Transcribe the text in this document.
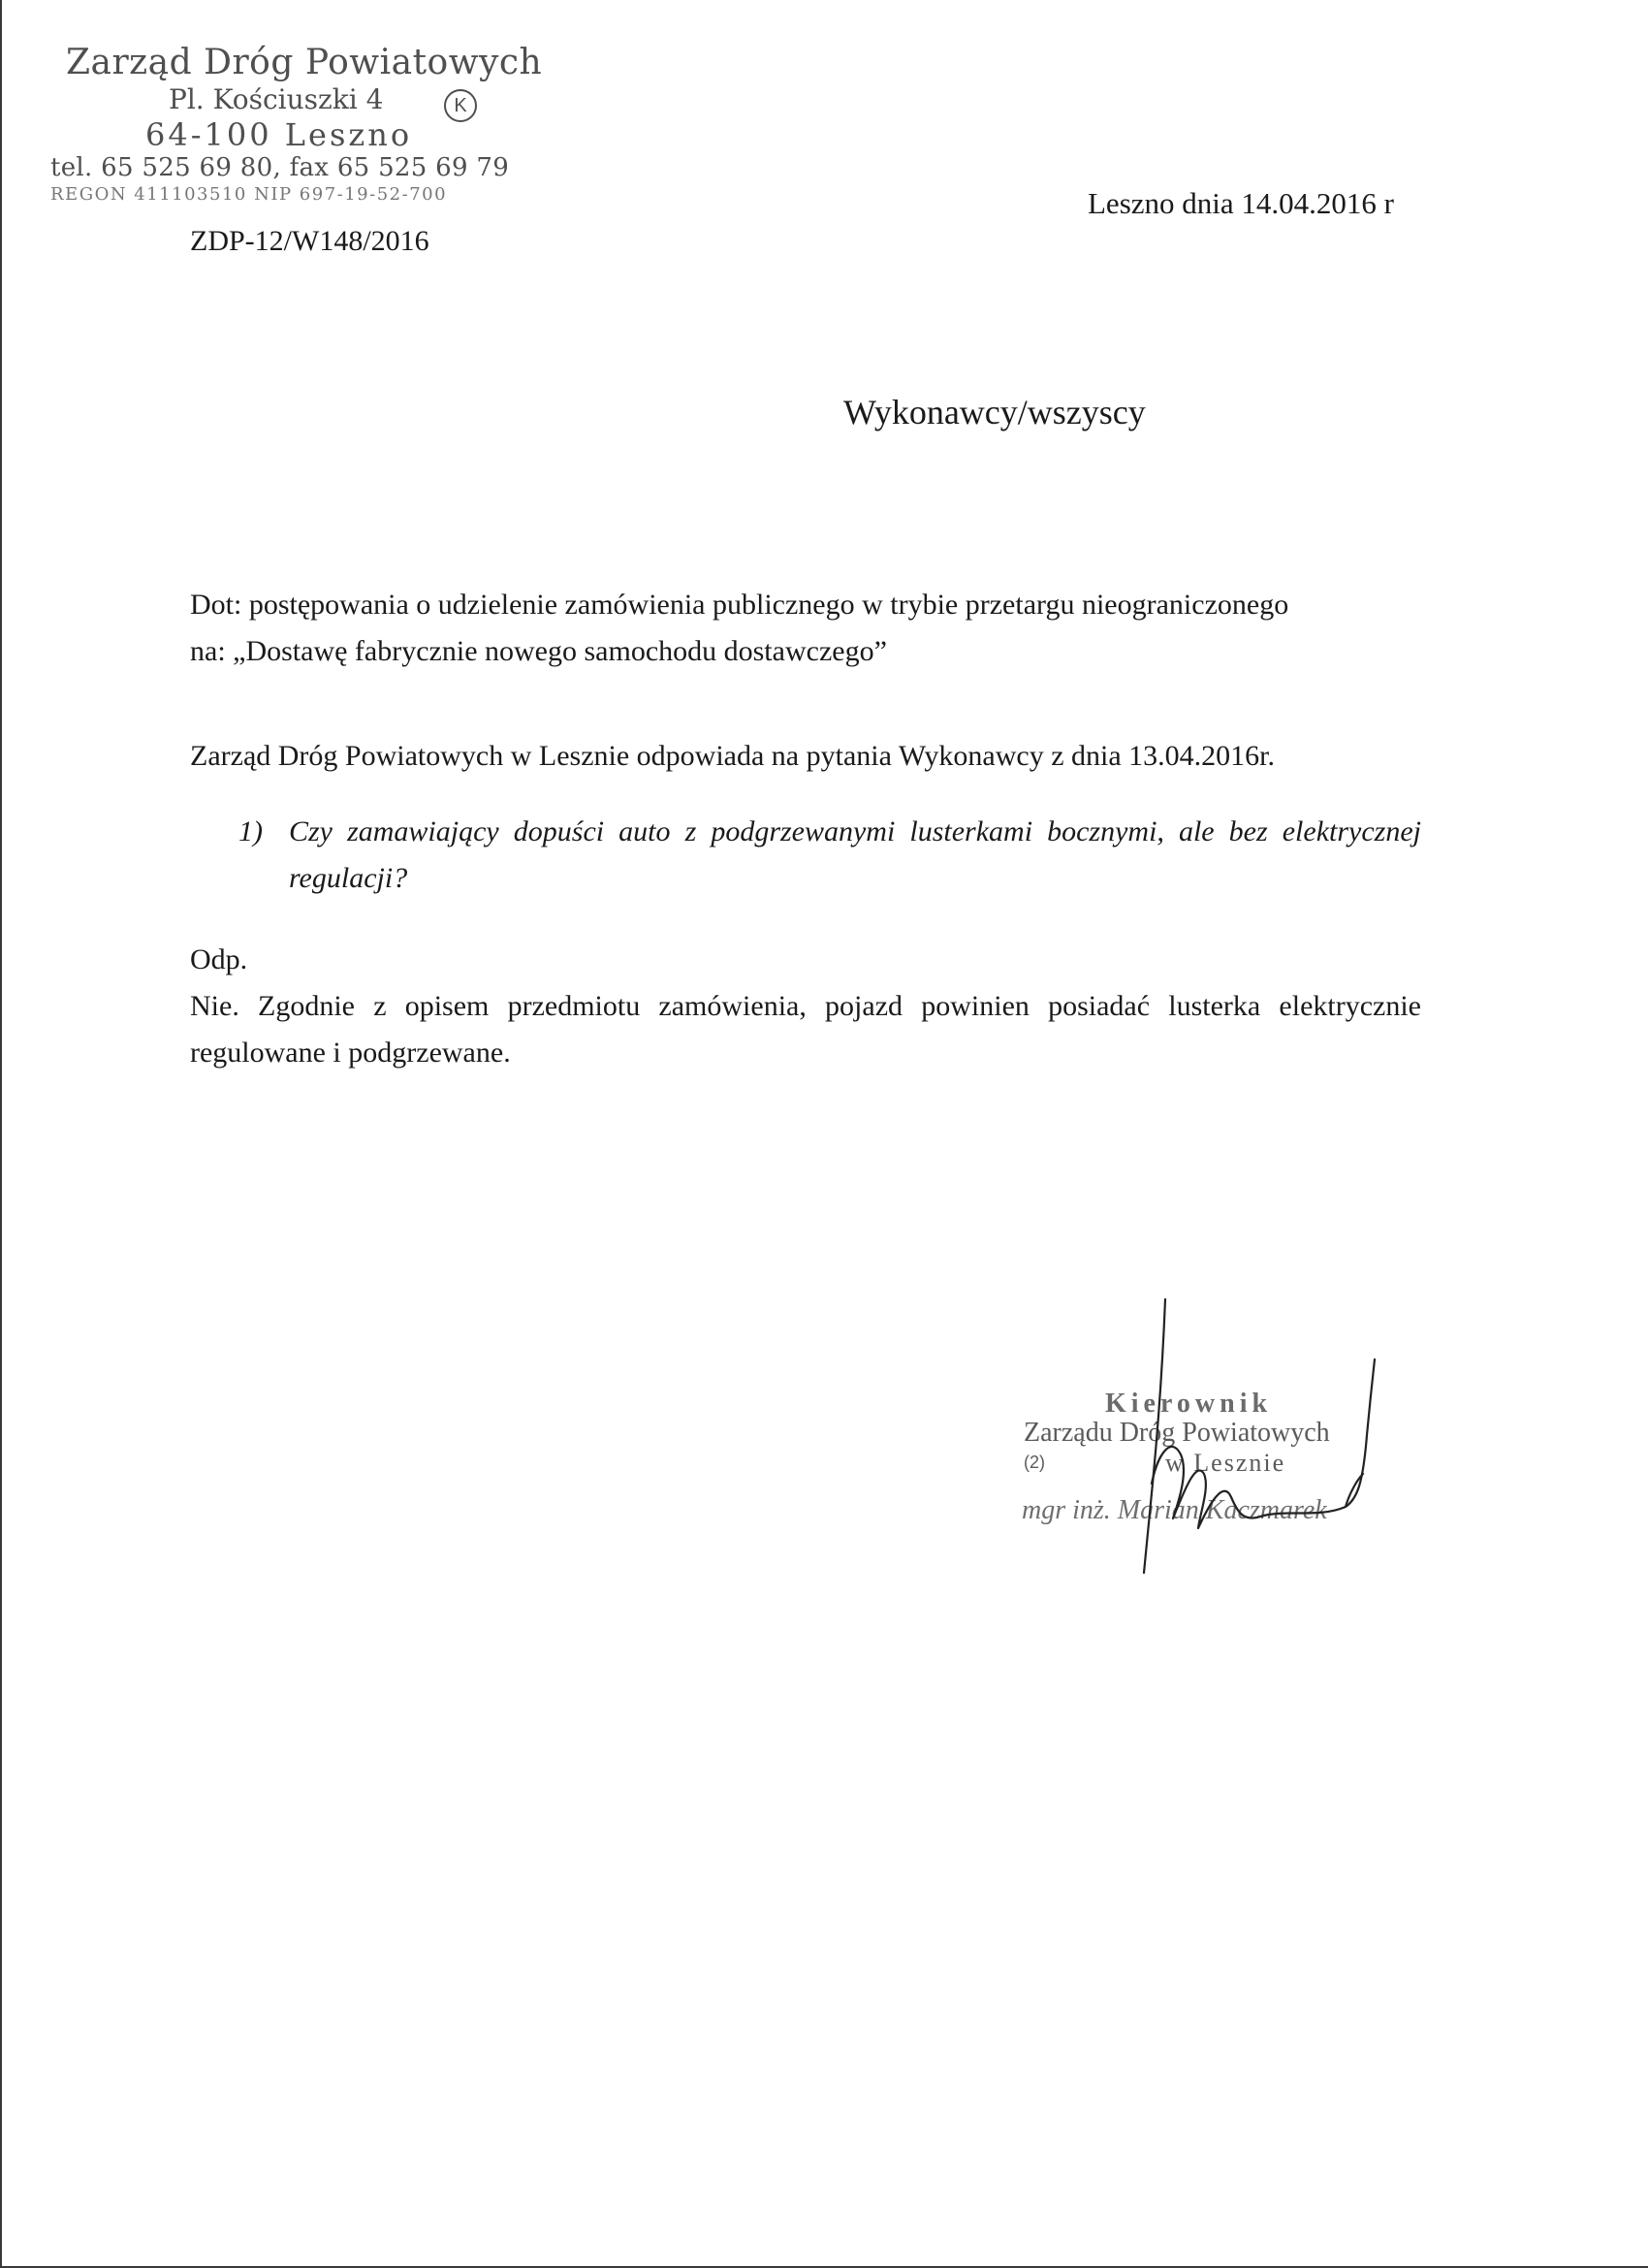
Zarząd Dróg Powiatowych
Pl. Kościuszki 4	K
64-100 Leszno
tel. 65 525 69 80, fax 65 525 69 79
REGON 411103510 NIP 697-19-52-700
ZDP-12/W148/2016
Leszno dnia 14.04.2016 r
Wykonawcy/wszyscy

Dot: postępowania o udzielenie zamówienia publicznego w trybie przetargu nieograniczonego

na: „Dostawę fabrycznie nowego samochodu dostawczego”

Zarząd Dróg Powiatowych w Lesznie odpowiada na pytania Wykonawcy z dnia 13.04.2016r.
1) Czy zamawiający dopuści auto z podgrzewanymi lusterkami bocznymi, ale bez elektrycznej regulacji?

Odp.

Nie. Zgodnie z opisem przedmiotu zamówienia, pojazd powinien posiadać lusterka elektrycznie regulowane i podgrzewane.

Kierownik
Zarządu Dróg Powiatowych
(2)	w Lesznie
mgr inż. Marian Kaczmarek
